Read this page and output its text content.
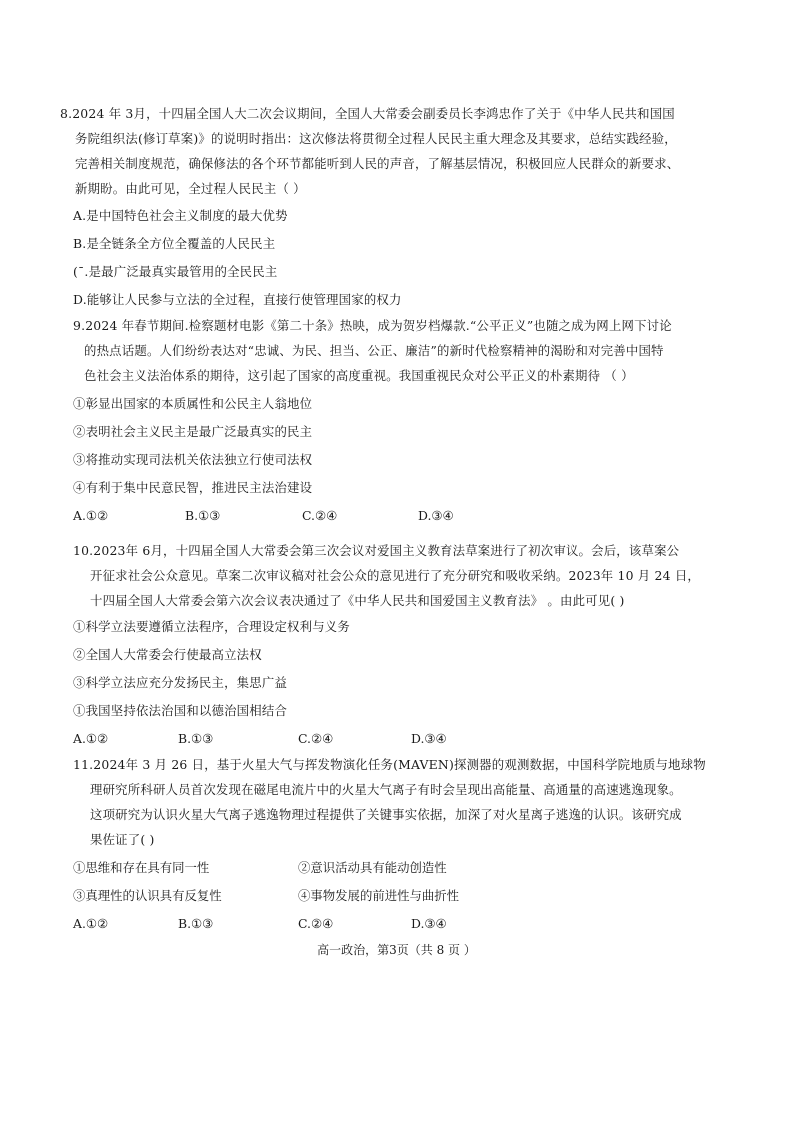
8.2024 年 3月，十四届全国人大二次会议期间，全国人大常委会副委员长李鸿忠作了关于《中华人民共和国国
务院组织法(修订草案)》的说明时指出：这次修法将贯彻全过程人民民主重大理念及其要求，总结实践经验，
完善相关制度规范，确保修法的各个环节都能听到人民的声音，了解基层情况，积极回应人民群众的新要求、
新期盼。由此可见，全过程人民民主（ ）
A.是中国特色社会主义制度的最大优势
B.是全链条全方位全覆盖的人民民主
(¯.是最广泛最真实最管用的全民民主
D.能够让人民参与立法的全过程，直接行使管理国家的权力
9.2024 年春节期间.检察题材电影《第二十条》热映，成为贺岁档爆款.“公平正义”也随之成为网上网下讨论
的热点话题。人们纷纷表达对“忠诚、为民、担当、公正、廉洁”的新时代检察精神的渴盼和对完善中国特
色社会主义法治体系的期待，这引起了国家的高度重视。我国重视民众对公平正义的朴素期待 （ ）
①彰显出国家的本质属性和公民主人翁地位
②表明社会主义民主是最广泛最真实的民主
③将推动实现司法机关依法独立行使司法权
④有利于集中民意民智，推进民主法治建设
A.①②	B.①③	C.②④	D.③④
10.2023年 6月，十四届全国人大常委会第三次会议对爱国主义教育法草案进行了初次审议。会后，该草案公
开征求社会公众意见。草案二次审议稿对社会公众的意见进行了充分研究和吸收采纳。2023年 10 月 24 日，
十四届全国人大常委会第六次会议表决通过了《中华人民共和国爱国主义教育法》 。由此可见( )
①科学立法要遵循立法程序，合理设定权利与义务
②全国人大常委会行使最高立法权
③科学立法应充分发扬民主，集思广益
①我国坚持依法治国和以德治国相结合
A.①②	B.①③	C.②④	D.③④
11.2024年 3 月 26 日，基于火星大气与挥发物演化任务(MAVEN)探测器的观测数据，中国科学院地质与地球物
理研究所科研人员首次发现在磁尾电流片中的火星大气离子有时会呈现出高能量、高通量的高速逃逸现象。
这项研究为认识火星大气离子逃逸物理过程提供了关键事实依据，加深了对火星离子逃逸的认识。该研究成
果佐证了( )
①思维和存在具有同一性	②意识活动具有能动创造性
③真理性的认识具有反复性	④事物发展的前进性与曲折性
A.①②	B.①③	C.②④	D.③④
高一政治，第3页（共 8 页 ）
